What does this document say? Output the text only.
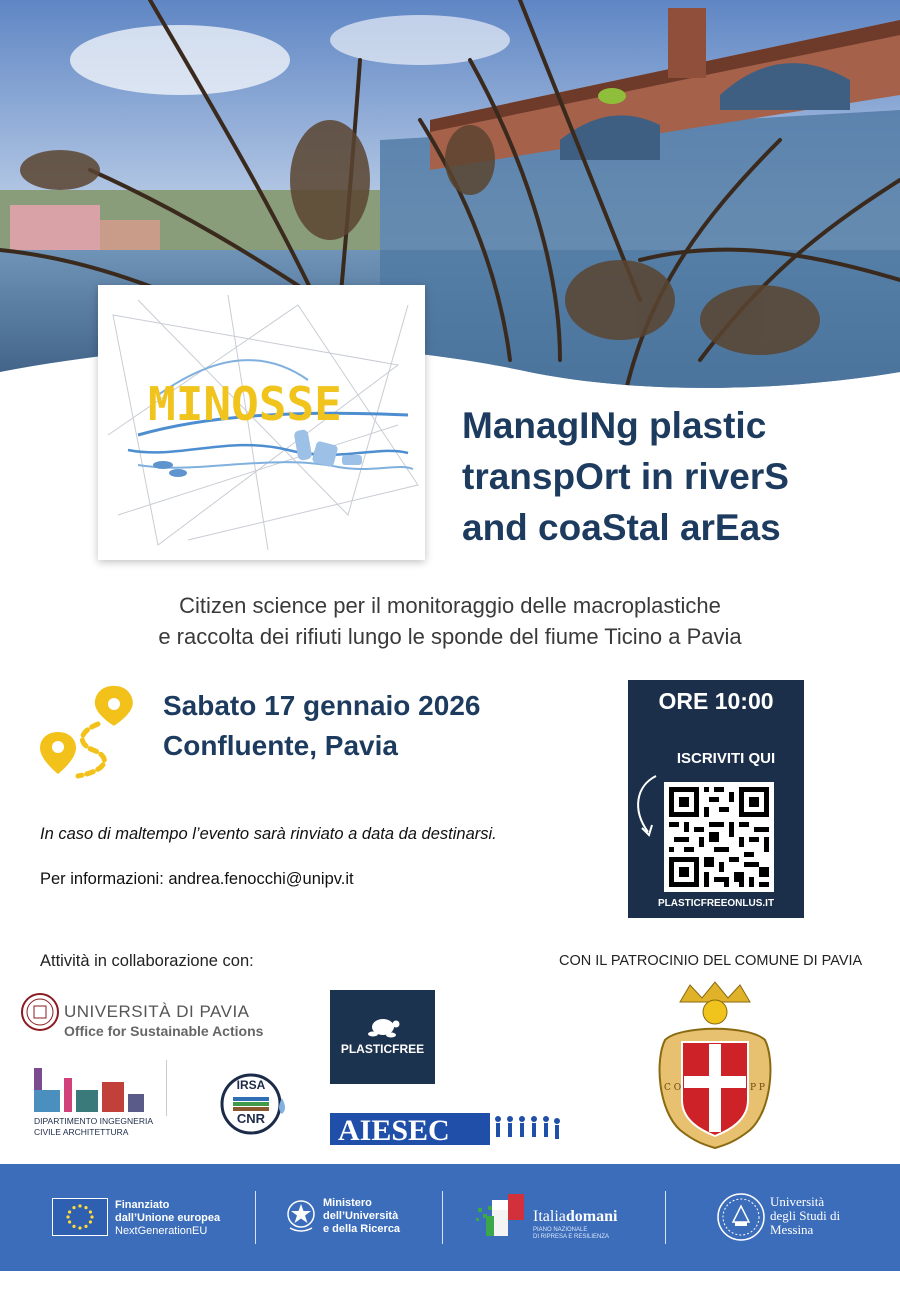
MINOSSE	ManagINg plastic
transpOrt in riverS
and coaStal arEas
Citizen science per il monitoraggio delle macroplastiche
e raccolta dei rifiuti lungo le sponde del fiume Ticino a Pavia
Sabato 17 gennaio 2026
Confluente, Pavia
In caso di maltempo l’evento sarà rinviato a data da destinarsi.
Per informazioni: andrea.fenocchi@unipv.it
ORE 10:00
ISCRIVITI QUI
PLASTICFREEONLUS.IT
Attività in collaborazione con:	CON IL PATROCINIO DEL COMUNE DI PAVIA
UNIVERSITÀ DI PAVIA
Office for Sustainable Actions
PLASTICFREE
AIESEC
DIPARTIMENTO INGEGNERIA
CIVILE ARCHITETTURA
IRSA
CNR
C O	P P
Finanziato
dall’Unione europea
NextGenerationEU
Ministero
dell’Università
e della Ricerca
Italiadomani
PIANO NAZIONALE
DI RIPRESA E RESILIENZA
Università
degli Studi di
Messina
